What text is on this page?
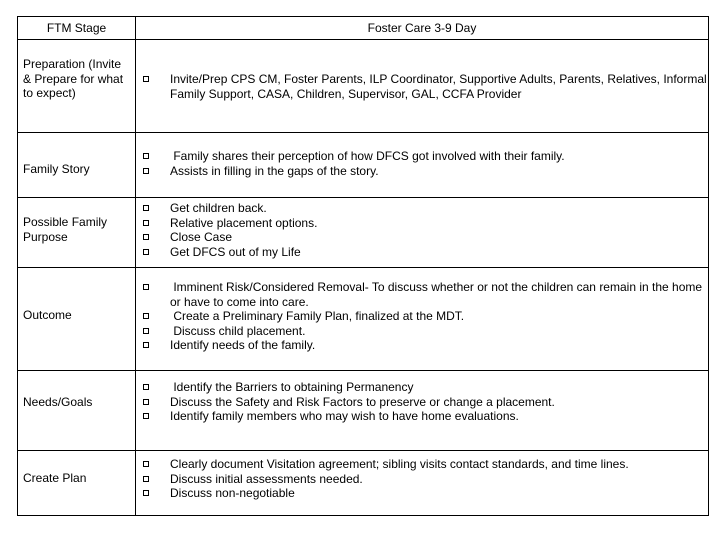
FTM Stage	Foster Care 3-9 Day
Preparation (Invite & Prepare for what to expect)
Invite/Prep CPS CM, Foster Parents, ILP Coordinator, Supportive Adults, Parents, Relatives, Informal Family Support, CASA, Children, Supervisor, GAL, CCFA Provider
Family Story
Family shares their perception of how DFCS got involved with their family.
Assists in filling in the gaps of the story.
Possible Family Purpose
Get children back.
Relative placement options.
Close Case
Get DFCS out of my Life
Outcome
Imminent Risk/Considered Removal- To discuss whether or not the children can remain in the home or have to come into care.
Create a Preliminary Family Plan, finalized at the MDT.
Discuss child placement.
Identify needs of the family.
Needs/Goals
Identify the Barriers to obtaining Permanency
Discuss the Safety and Risk Factors to preserve or change a placement.
Identify family members who may wish to have home evaluations.
Create Plan
Clearly document Visitation agreement; sibling visits contact standards, and time lines.
Discuss initial assessments needed.
Discuss non-negotiable
